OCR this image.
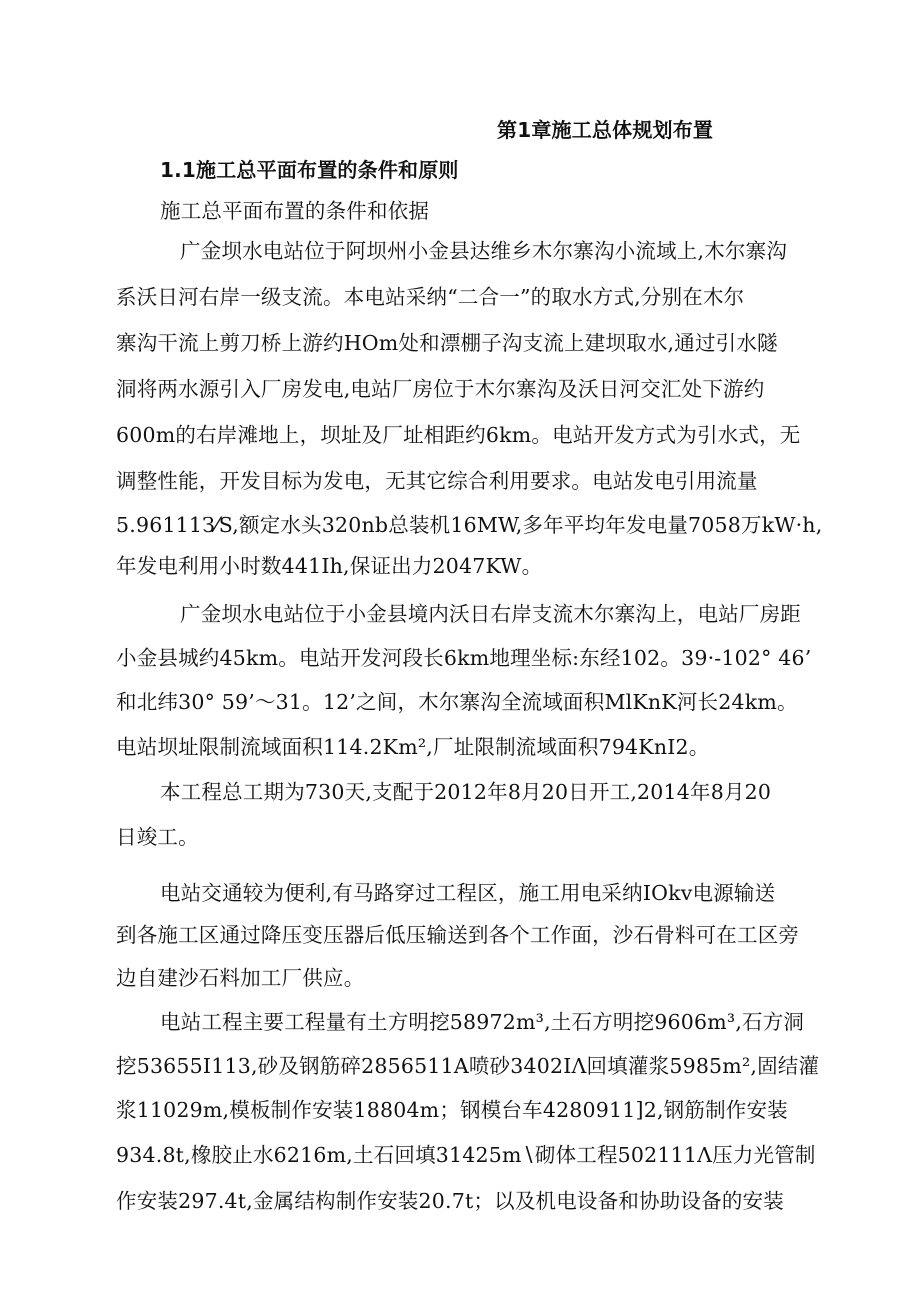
第1章施工总体规划布置
1.1施工总平面布置的条件和原则
施工总平面布置的条件和依据
广金坝水电站位于阿坝州小金县达维乡木尔寨沟小流域上,木尔寨沟
系沃日河右岸一级支流。本电站采纳“二合一”的取水方式,分别在木尔
寨沟干流上剪刀桥上游约HOm处和漂棚子沟支流上建坝取水,通过引水隧
洞将两水源引入厂房发电,电站厂房位于木尔寨沟及沃日河交汇处下游约
600m的右岸滩地上，坝址及厂址相距约6km。电站开发方式为引水式，无
调整性能，开发目标为发电，无其它综合利用要求。电站发电引用流量
5.96111З⁄S,额定水头320nb总装机16MW,多年平均年发电量7058万kW·h,
年发电利用小时数441Ih,保证出力2047KW。
广金坝水电站位于小金县境内沃日右岸支流木尔寨沟上，电站厂房距
小金县城约45km。电站开发河段长6km地理坐标:东经102。39·-102° 46’
和北纬30° 59’～31。12’之间，木尔寨沟全流域面积MlKnK河长24km。
电站坝址限制流域面积114.2Km²,厂址限制流域面积794KnI2。
本工程总工期为730天,支配于2012年8月20日开工,2014年8月20
日竣工。
电站交通较为便利,有马路穿过工程区，施工用电采纳IOkv电源输送
到各施工区通过降压变压器后低压输送到各个工作面，沙石骨料可在工区旁
边自建沙石料加工厂供应。
电站工程主要工程量有土方明挖58972m³,土石方明挖9606m³,石方洞
挖53655I113,砂及钢筋碎2856511A喷砂3402IΛ回填灌浆5985m²,固结灌
浆11029m,模板制作安装18804m；钢模台车4280911]2,钢筋制作安装
934.8t,橡胶止水6216m,土石回填31425m∖砌体工程502111Λ压力光管制
作安装297.4t,金属结构制作安装20.7t；以及机电设备和协助设备的安装
